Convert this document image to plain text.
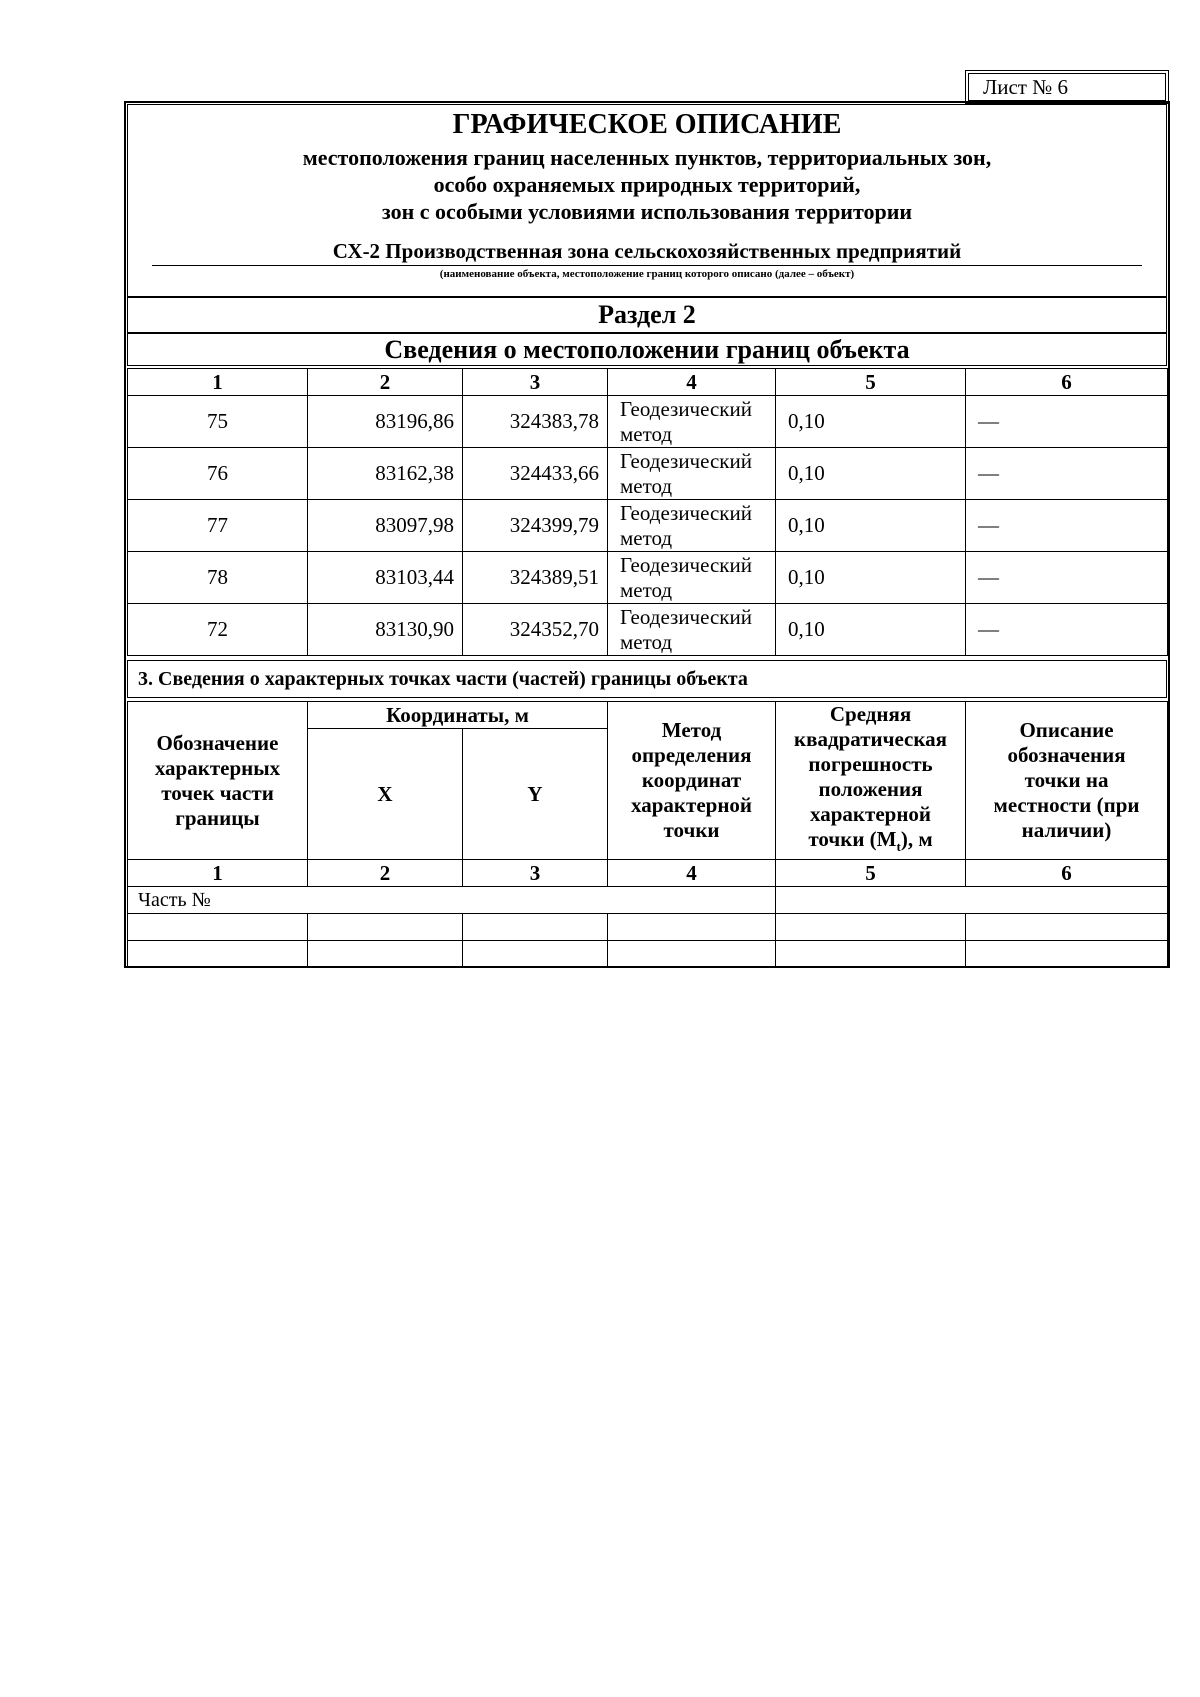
Лист № 6
ГРАФИЧЕСКОЕ ОПИСАНИЕ
местоположения границ населенных пунктов, территориальных зон,
особо охраняемых природных территорий,
зон с особыми условиями использования территории
СХ-2 Производственная зона сельскохозяйственных предприятий
(наименование объекта, местоположение границ которого описано (далее – объект)
Раздел 2
Сведения о местоположении границ объекта
1	2	3	4	5	6
75	83196,86	324383,78	Геодезический метод	0,10	—
76	83162,38	324433,66	Геодезический метод	0,10	—
77	83097,98	324399,79	Геодезический метод	0,10	—
78	83103,44	324389,51	Геодезический метод	0,10	—
72	83130,90	324352,70	Геодезический метод	0,10	—
3. Сведения о характерных точках части (частей) границы объекта
Обозначение характерных точек части границы	Координаты, м		Метод определения координат характерной точки	Средняя квадратическая погрешность положения характерной точки $(M_t)$, м	Описание обозначения точки на местности (при наличии)
	X	Y			
1	2	3	4	5	6
Часть №					
